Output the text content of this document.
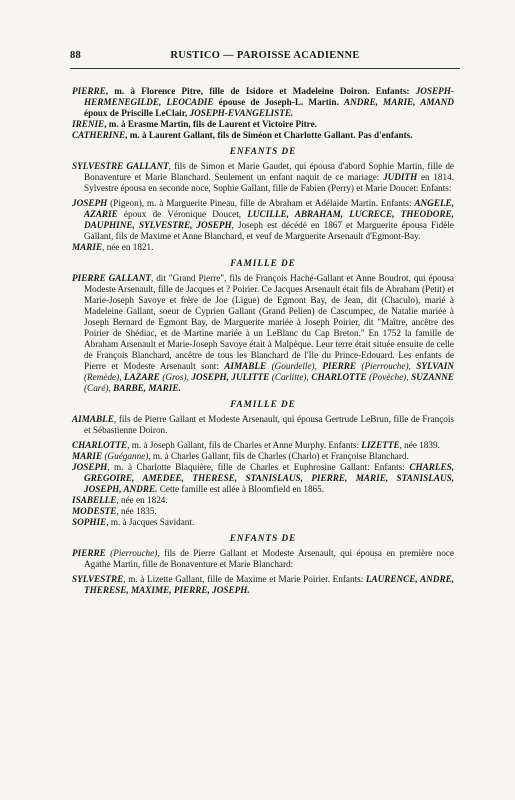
88	RUSTICO — PAROISSE ACADIENNE

PIERRE, m. à Florence Pitre, fille de Isidore et Madeleine Doiron. Enfants: JOSEPH-HERMENEGILDE, LEOCADIE épouse de Joseph-L. Martin. ANDRE, MARIE, AMAND époux de Priscille LeClair, JOSEPH-EVANGELISTE.

IRENIE, m. à Erasme Martin, fils de Laurent et Victoire Pitre.

CATHERINE, m. à Laurent Gallant, fils de Siméon et Charlotte Gallant. Pas d'enfants.

ENFANTS DE

SYLVESTRE GALLANT, fils de Simon et Marie Gaudet, qui épousa d'abord Sophie Martin, fille de Bonaventure et Marie Blanchard. Seulement un enfant naquit de ce mariage: JUDITH en 1814. Sylvestre épousa en seconde noce, Sophie Gallant, fille de Fabien (Perry) et Marie Doucet: Enfants:

JOSEPH (Pigeon), m. à Marguerite Pineau, fille de Abraham et Adélaide Martin. Enfants: ANGELE, AZARIE époux de Véronique Doucet, LUCILLE, ABRAHAM, LUCRECE, THEODORE, DAUPHINE, SYLVESTRE, JOSEPH, Joseph est décédé en 1867 et Marguerite épousa Fidèle Gallant, fils de Maxime et Anne Blanchard, et veuf de Marguerite Arsenault d'Egmont-Bay.

MARIE, née en 1821.

FAMILLE DE

PIERRE GALLANT, dit "Grand Pierre", fils de François Haché-Gallant et Anne Boudrot, qui épousa Modeste Arsenault, fille de Jacques et ? Poirier. Ce Jacques Arsenault était fils de Abraham (Petit) et Marie-Joseph Savoye et frère de Joe (Ligue) de Egmont Bay, de Jean, dit (Chaculo), marié à Madeleine Gallant, soeur de Cyprien Gallant (Grand Pelien) de Cascumpec, de Natalie mariée à Joseph Bernard de Egmont Bay, de Marguerite mariée à Joseph Poirier, dit "Maître, ancêtre des Poirier de Shédiac, et de Martine mariée à un LeBlanc du Cap Breton." En 1752 la famille de Abraham Arsenault et Marie-Joseph Savoye était à Malpèque. Leur terre était située ensuite de celle de François Blanchard, ancêtre de tous les Blanchard de l'Ile du Prince-Edouard. Les enfants de Pierre et Modeste Arsenault sont: AIMABLE (Gourdelle), PIERRE (Pierrouche), SYLVAIN (Remède), LAZARE (Gros), JOSEPH, JULITTE (Carlitte), CHARLOTTE (Povèche), SUZANNE (Caré), BARBE, MARIE.

FAMILLE DE

AIMABLE, fils de Pierre Gallant et Modeste Arsenault, qui épousa Gertrude LeBrun, fille de François et Sébastienne Doiron.

CHARLOTTE, m. à Joseph Gallant, fils de Charles et Anne Murphy. Enfants: LIZETTE, née 1839.

MARIE (Guéganne), m. à Charles Gallant, fils de Charles (Charlo) et Françoise Blanchard.

JOSEPH, m. à Charlotte Blaquière, fille de Charles et Euphrosine Gallant: Enfants: CHARLES, GREGOIRE, AMEDEE, THERESE, STANISLAUS, PIERRE, MARIE, STANISLAUS, JOSEPH, ANDRE. Cette famille est allée à Bloomfield en 1865.

ISABELLE, née en 1824.

MODESTE, née 1835.

SOPHIE, m. à Jacques Savidant.

ENFANTS DE

PIERRE (Pierrouche), fils de Pierre Gallant et Modeste Arsenault, qui épousa en première noce Agathe Martin, fille de Bonaventure et Marie Blanchard:

SYLVESTRE, m. à Lizette Gallant, fille de Maxime et Marie Poirier. Enfants: LAURENCE, ANDRE, THERESE, MAXIME, PIERRE, JOSEPH.
